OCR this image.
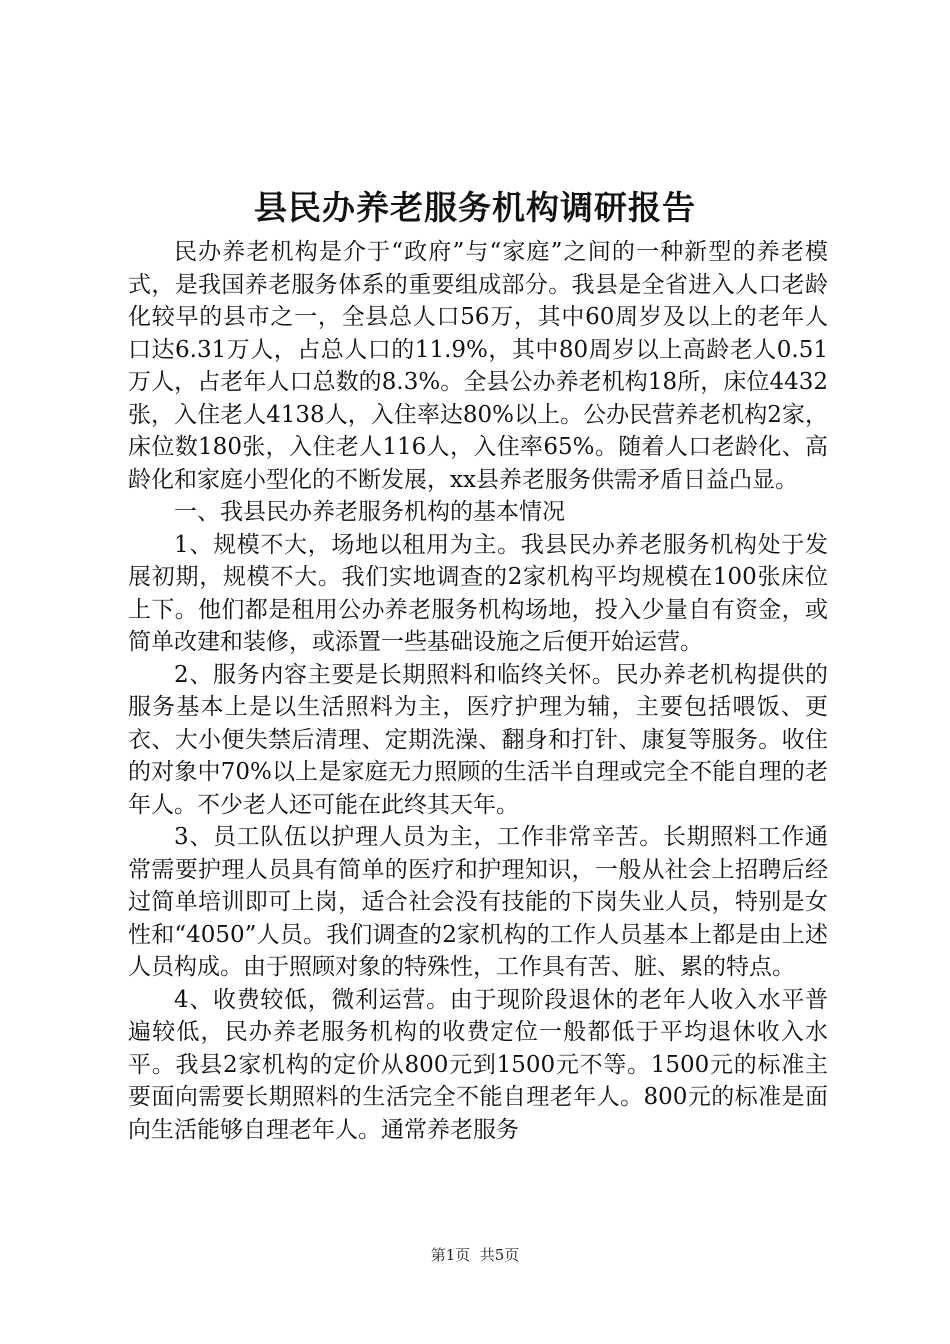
县民办养老服务机构调研报告

民办养老机构是介于“政府”与“家庭”之间的一种新型的养老模式，是我国养老服务体系的重要组成部分。我县是全省进入人口老龄化较早的县市之一，全县总人口56万，其中60周岁及以上的老年人口达6.31万人，占总人口的11.9%，其中80周岁以上高龄老人0.51万人，占老年人口总数的8.3%。全县公办养老机构18所，床位4432张，入住老人4138人，入住率达80%以上。公办民营养老机构2家，床位数180张，入住老人116人，入住率65%。随着人口老龄化、高龄化和家庭小型化的不断发展，xx县养老服务供需矛盾日益凸显。

一、我县民办养老服务机构的基本情况

1、规模不大，场地以租用为主。我县民办养老服务机构处于发展初期，规模不大。我们实地调查的2家机构平均规模在100张床位上下。他们都是租用公办养老服务机构场地，投入少量自有资金，或简单改建和装修，或添置一些基础设施之后便开始运营。

2、服务内容主要是长期照料和临终关怀。民办养老机构提供的服务基本上是以生活照料为主，医疗护理为辅，主要包括喂饭、更衣、大小便失禁后清理、定期洗澡、翻身和打针、康复等服务。收住的对象中70%以上是家庭无力照顾的生活半自理或完全不能自理的老年人。不少老人还可能在此终其天年。

3、员工队伍以护理人员为主，工作非常辛苦。长期照料工作通常需要护理人员具有简单的医疗和护理知识，一般从社会上招聘后经过简单培训即可上岗，适合社会没有技能的下岗失业人员，特别是女性和“4050”人员。我们调查的2家机构的工作人员基本上都是由上述人员构成。由于照顾对象的特殊性，工作具有苦、脏、累的特点。

4、收费较低，微利运营。由于现阶段退休的老年人收入水平普遍较低，民办养老服务机构的收费定位一般都低于平均退休收入水平。我县2家机构的定价从800元到1500元不等。1500元的标准主要面向需要长期照料的生活完全不能自理老年人。800元的标准是面向生活能够自理老年人。通常养老服务

第1页  共5页
